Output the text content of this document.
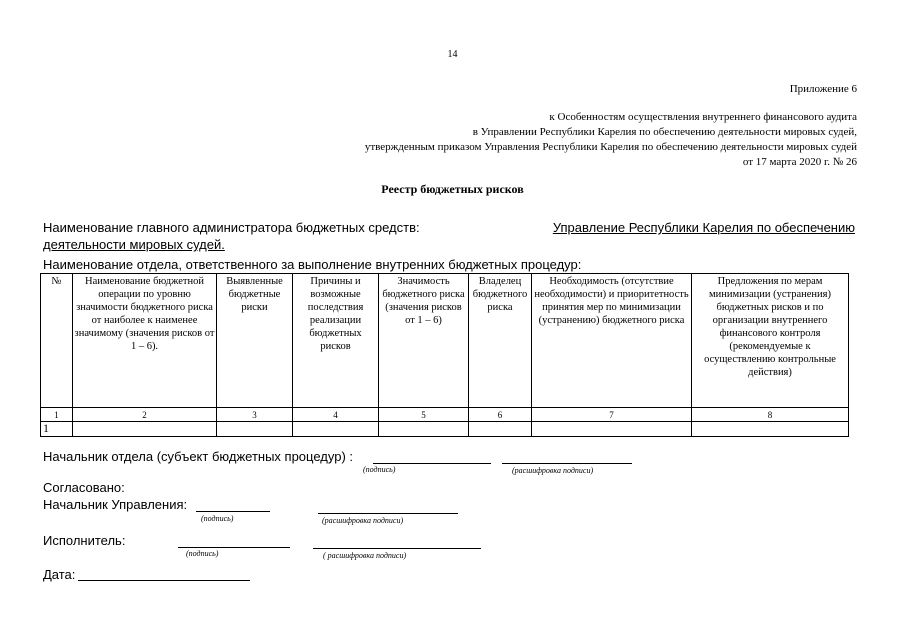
14
Приложение 6
к Особенностям осуществления внутреннего финансового аудита
в Управлении Республики Карелия по обеспечению деятельности мировых судей,
утвержденным приказом Управления Республики Карелия по обеспечению деятельности мировых судей
от 17 марта 2020 г. № 26
Реестр бюджетных рисков
Наименование главного администратора бюджетных средств:	Управление Республики Карелия по обеспечению
деятельности мировых судей.
Наименование отдела, ответственного за выполнение внутренних бюджетных процедур:
№	Наименование бюджетной операции по уровню значимости бюджетного риска от наиболее к наименее значимому (значения рисков от 1 – 6).	Выявленные бюджетные риски	Причины и возможные последствия реализации бюджетных рисков	Значимость бюджетного риска (значения рисков от 1 – 6)	Владелец бюджетного риска	Необходимость (отсутствие необходимости) и приоритетность принятия мер по минимизации (устранению) бюджетного риска	Предложения по мерам минимизации (устранения) бюджетных рисков и по организации внутреннего финансового контроля (рекомендуемые к осуществлению контрольные действия)
1	2	3	4	5	6	7	8
1							
Начальник отдела (субъект бюджетных процедур) :
(подпись)	(расшифровка подписи)
Согласовано:
Начальник Управления:
(подпись)	(расшифровка подписи)
Исполнитель:
(подпись)	( расшифровка подписи)
Дата:
